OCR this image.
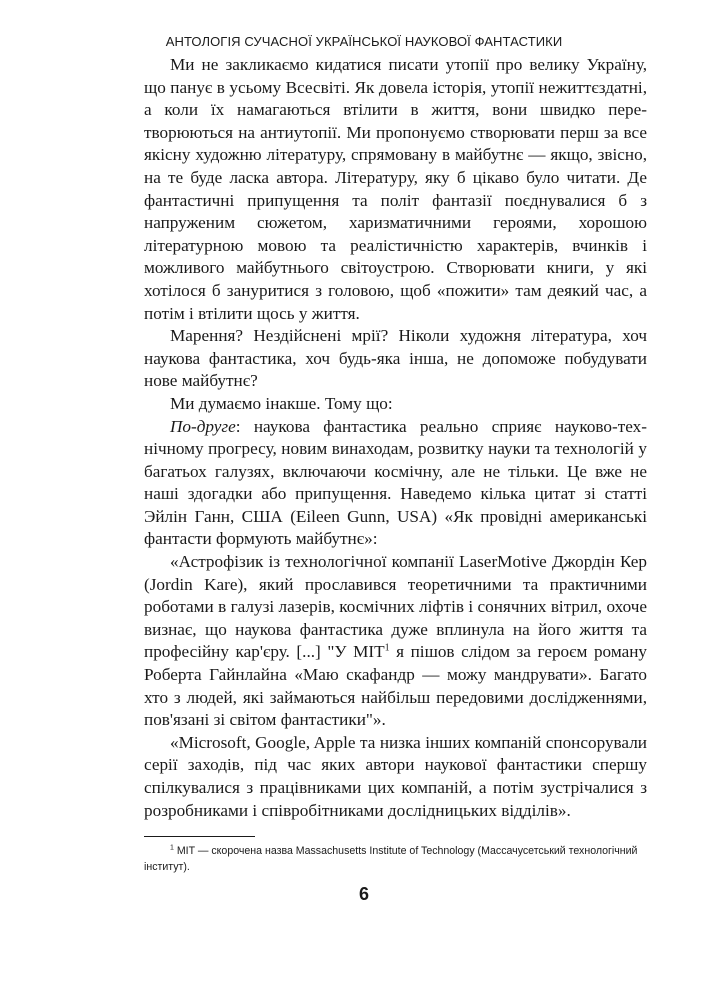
АНТОЛОГІЯ СУЧАСНОЇ УКРАЇНСЬКОЇ НАУКОВОЇ ФАНТАСТИКИ

Ми не закликаємо кидатися писати утопії про велику Україну, що панує в усьому Всесвіті. Як довела історія, утопії нежиттєздатні, а коли їх намагаються втілити в життя, вони швидко перетворюються на антиутопії. Ми пропонуємо створювати перш за все якісну художню літературу, спрямовану в майбутнє — якщо, звісно, на те буде ласка автора. Літературу, яку б цікаво було читати. Де фантастичні припущення та політ фантазії поєднувалися б з напруженим сюжетом, харизматичними героями, хорошою літературною мовою та реалістичністю характерів, вчинків і можливого майбутнього світоустрою. Створювати книги, у які хотілося б зануритися з головою, щоб «пожити» там деякий час, а потім і втілити щось у життя.

Марення? Нездійснені мрії? Ніколи художня література, хоч наукова фантастика, хоч будь-яка інша, не допоможе побудувати нове майбутнє?

Ми думаємо інакше. Тому що:

По-друге: наукова фантастика реально сприяє науково-технічному прогресу, новим винаходам, розвитку науки та технологій у багатьох галузях, включаючи космічну, але не тільки. Це вже не наші здогадки або припущення. Наведемо кілька цитат зі статті Эйлін Ганн, США (Eileen Gunn, USA) «Як провідні американські фантасти формують майбутнє»:

«Астрофізик із технологічної компанії LaserMotive Джордін Кер (Jordin Kare), який прославився теоретичними та практичними роботами в галузі лазерів, космічних ліфтів і сонячних вітрил, охоче визнає, що наукова фантастика дуже вплинула на його життя та професійну кар'єру. [...] "У MIT$^1$ я пішов слідом за героєм роману Роберта Гайнлайна «Маю скафандр — можу мандрувати». Багато хто з людей, які займаються найбільш передовими дослідженнями, пов'язані зі світом фантастики"».

«Microsoft, Google, Apple та низка інших компаній спонсорували серії заходів, під час яких автори наукової фантастики спершу спілкувалися з працівниками цих компаній, а потім зустрічалися з розробниками і співробітниками дослідницьких відділів».

$^1$ MIT — скорочена назва Massachusetts Institute of Technology (Массачусетський технологічний інститут).
6
